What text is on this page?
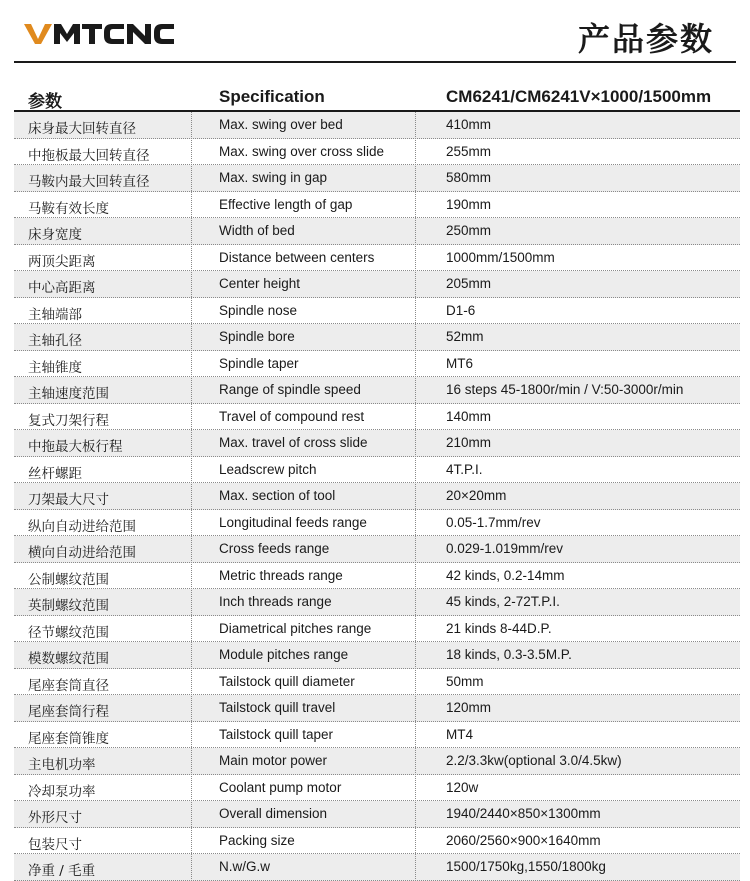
产品参数
参数	Specification	CM6241/CM6241V×1000/1500mm
床身最大回转直径	Max. swing over bed	410mm
中拖板最大回转直径	Max. swing over cross slide	255mm
马鞍内最大回转直径	Max. swing in gap	580mm
马鞍有效长度	Effective length of gap	190mm
床身宽度	Width of bed	250mm
两顶尖距离	Distance between centers	1000mm/1500mm
中心高距离	Center height	205mm
主轴端部	Spindle nose	D1-6
主轴孔径	Spindle bore	52mm
主轴锥度	Spindle taper	MT6
主轴速度范围	Range of spindle speed	16 steps 45-1800r/min / V:50-3000r/min
复式刀架行程	Travel of compound rest	140mm
中拖最大板行程	Max. travel of cross slide	210mm
丝杆螺距	Leadscrew pitch	4T.P.I.
刀架最大尺寸	Max. section of tool	20×20mm
纵向自动进给范围	Longitudinal feeds range	0.05-1.7mm/rev
横向自动进给范围	Cross feeds range	0.029-1.019mm/rev
公制螺纹范围	Metric threads range	42 kinds, 0.2-14mm
英制螺纹范围	Inch threads range	45 kinds, 2-72T.P.I.
径节螺纹范围	Diametrical pitches range	21 kinds 8-44D.P.
模数螺纹范围	Module pitches range	18 kinds, 0.3-3.5M.P.
尾座套筒直径	Tailstock quill diameter	50mm
尾座套筒行程	Tailstock quill travel	120mm
尾座套筒锥度	Tailstock quill taper	MT4
主电机功率	Main motor power	2.2/3.3kw(optional 3.0/4.5kw)
冷却泵功率	Coolant pump motor	120w
外形尺寸	Overall dimension	1940/2440×850×1300mm
包装尺寸	Packing size	2060/2560×900×1640mm
净重 / 毛重	N.w/G.w	1500/1750kg,1550/1800kg
